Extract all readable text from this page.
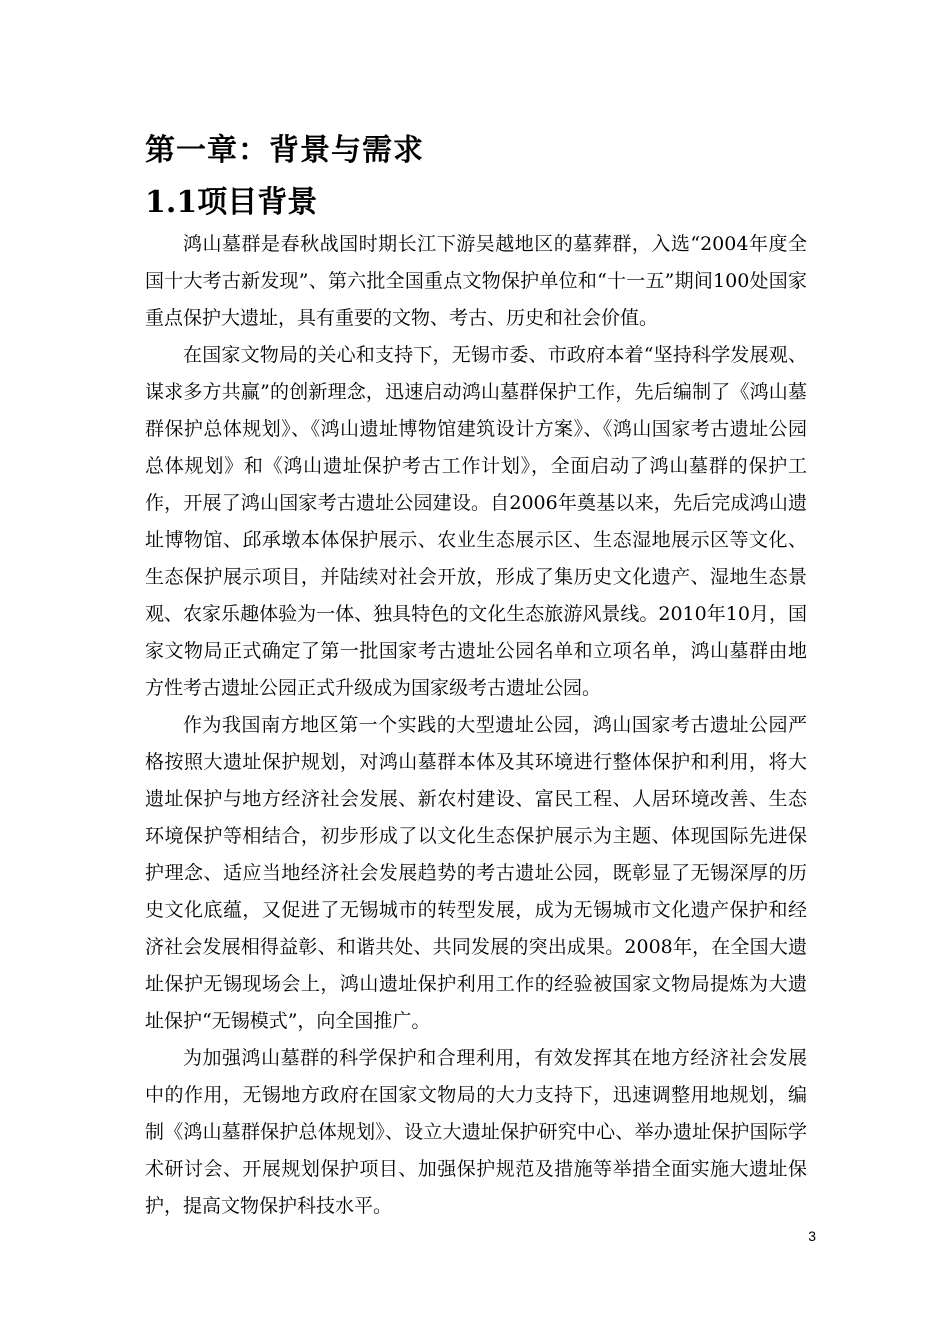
第一章：背景与需求
1.1项目背景

鸿山墓群是春秋战国时期长江下游吴越地区的墓葬群，入选“2004年度全国十大考古新发现”、第六批全国重点文物保护单位和“十一五”期间100处国家重点保护大遗址，具有重要的文物、考古、历史和社会价值。

在国家文物局的关心和支持下，无锡市委、市政府本着“坚持科学发展观、谋求多方共赢”的创新理念，迅速启动鸿山墓群保护工作，先后编制了《鸿山墓群保护总体规划》、《鸿山遗址博物馆建筑设计方案》、《鸿山国家考古遗址公园总体规划》和《鸿山遗址保护考古工作计划》，全面启动了鸿山墓群的保护工作，开展了鸿山国家考古遗址公园建设。自2006年奠基以来，先后完成鸿山遗址博物馆、邱承墩本体保护展示、农业生态展示区、生态湿地展示区等文化、生态保护展示项目，并陆续对社会开放，形成了集历史文化遗产、湿地生态景观、农家乐趣体验为一体、独具特色的文化生态旅游风景线。2010年10月，国家文物局正式确定了第一批国家考古遗址公园名单和立项名单，鸿山墓群由地方性考古遗址公园正式升级成为国家级考古遗址公园。

作为我国南方地区第一个实践的大型遗址公园，鸿山国家考古遗址公园严格按照大遗址保护规划，对鸿山墓群本体及其环境进行整体保护和利用，将大遗址保护与地方经济社会发展、新农村建设、富民工程、人居环境改善、生态环境保护等相结合，初步形成了以文化生态保护展示为主题、体现国际先进保护理念、适应当地经济社会发展趋势的考古遗址公园，既彰显了无锡深厚的历史文化底蕴，又促进了无锡城市的转型发展，成为无锡城市文化遗产保护和经济社会发展相得益彰、和谐共处、共同发展的突出成果。2008年，在全国大遗址保护无锡现场会上，鸿山遗址保护利用工作的经验被国家文物局提炼为大遗址保护“无锡模式”，向全国推广。

为加强鸿山墓群的科学保护和合理利用，有效发挥其在地方经济社会发展中的作用，无锡地方政府在国家文物局的大力支持下，迅速调整用地规划，编制《鸿山墓群保护总体规划》、设立大遗址保护研究中心、举办遗址保护国际学术研讨会、开展规划保护项目、加强保护规范及措施等举措全面实施大遗址保护，提高文物保护科技水平。

3
